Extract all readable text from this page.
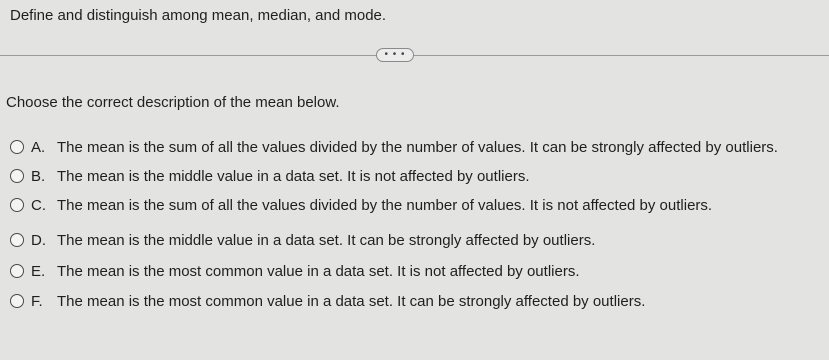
Define and distinguish among mean, median, and mode.
• • •
Choose the correct description of the mean below.
A. The mean is the sum of all the values divided by the number of values. It can be strongly affected by outliers.
B. The mean is the middle value in a data set. It is not affected by outliers.
C. The mean is the sum of all the values divided by the number of values. It is not affected by outliers.
D. The mean is the middle value in a data set. It can be strongly affected by outliers.
E. The mean is the most common value in a data set. It is not affected by outliers.
F. The mean is the most common value in a data set. It can be strongly affected by outliers.
